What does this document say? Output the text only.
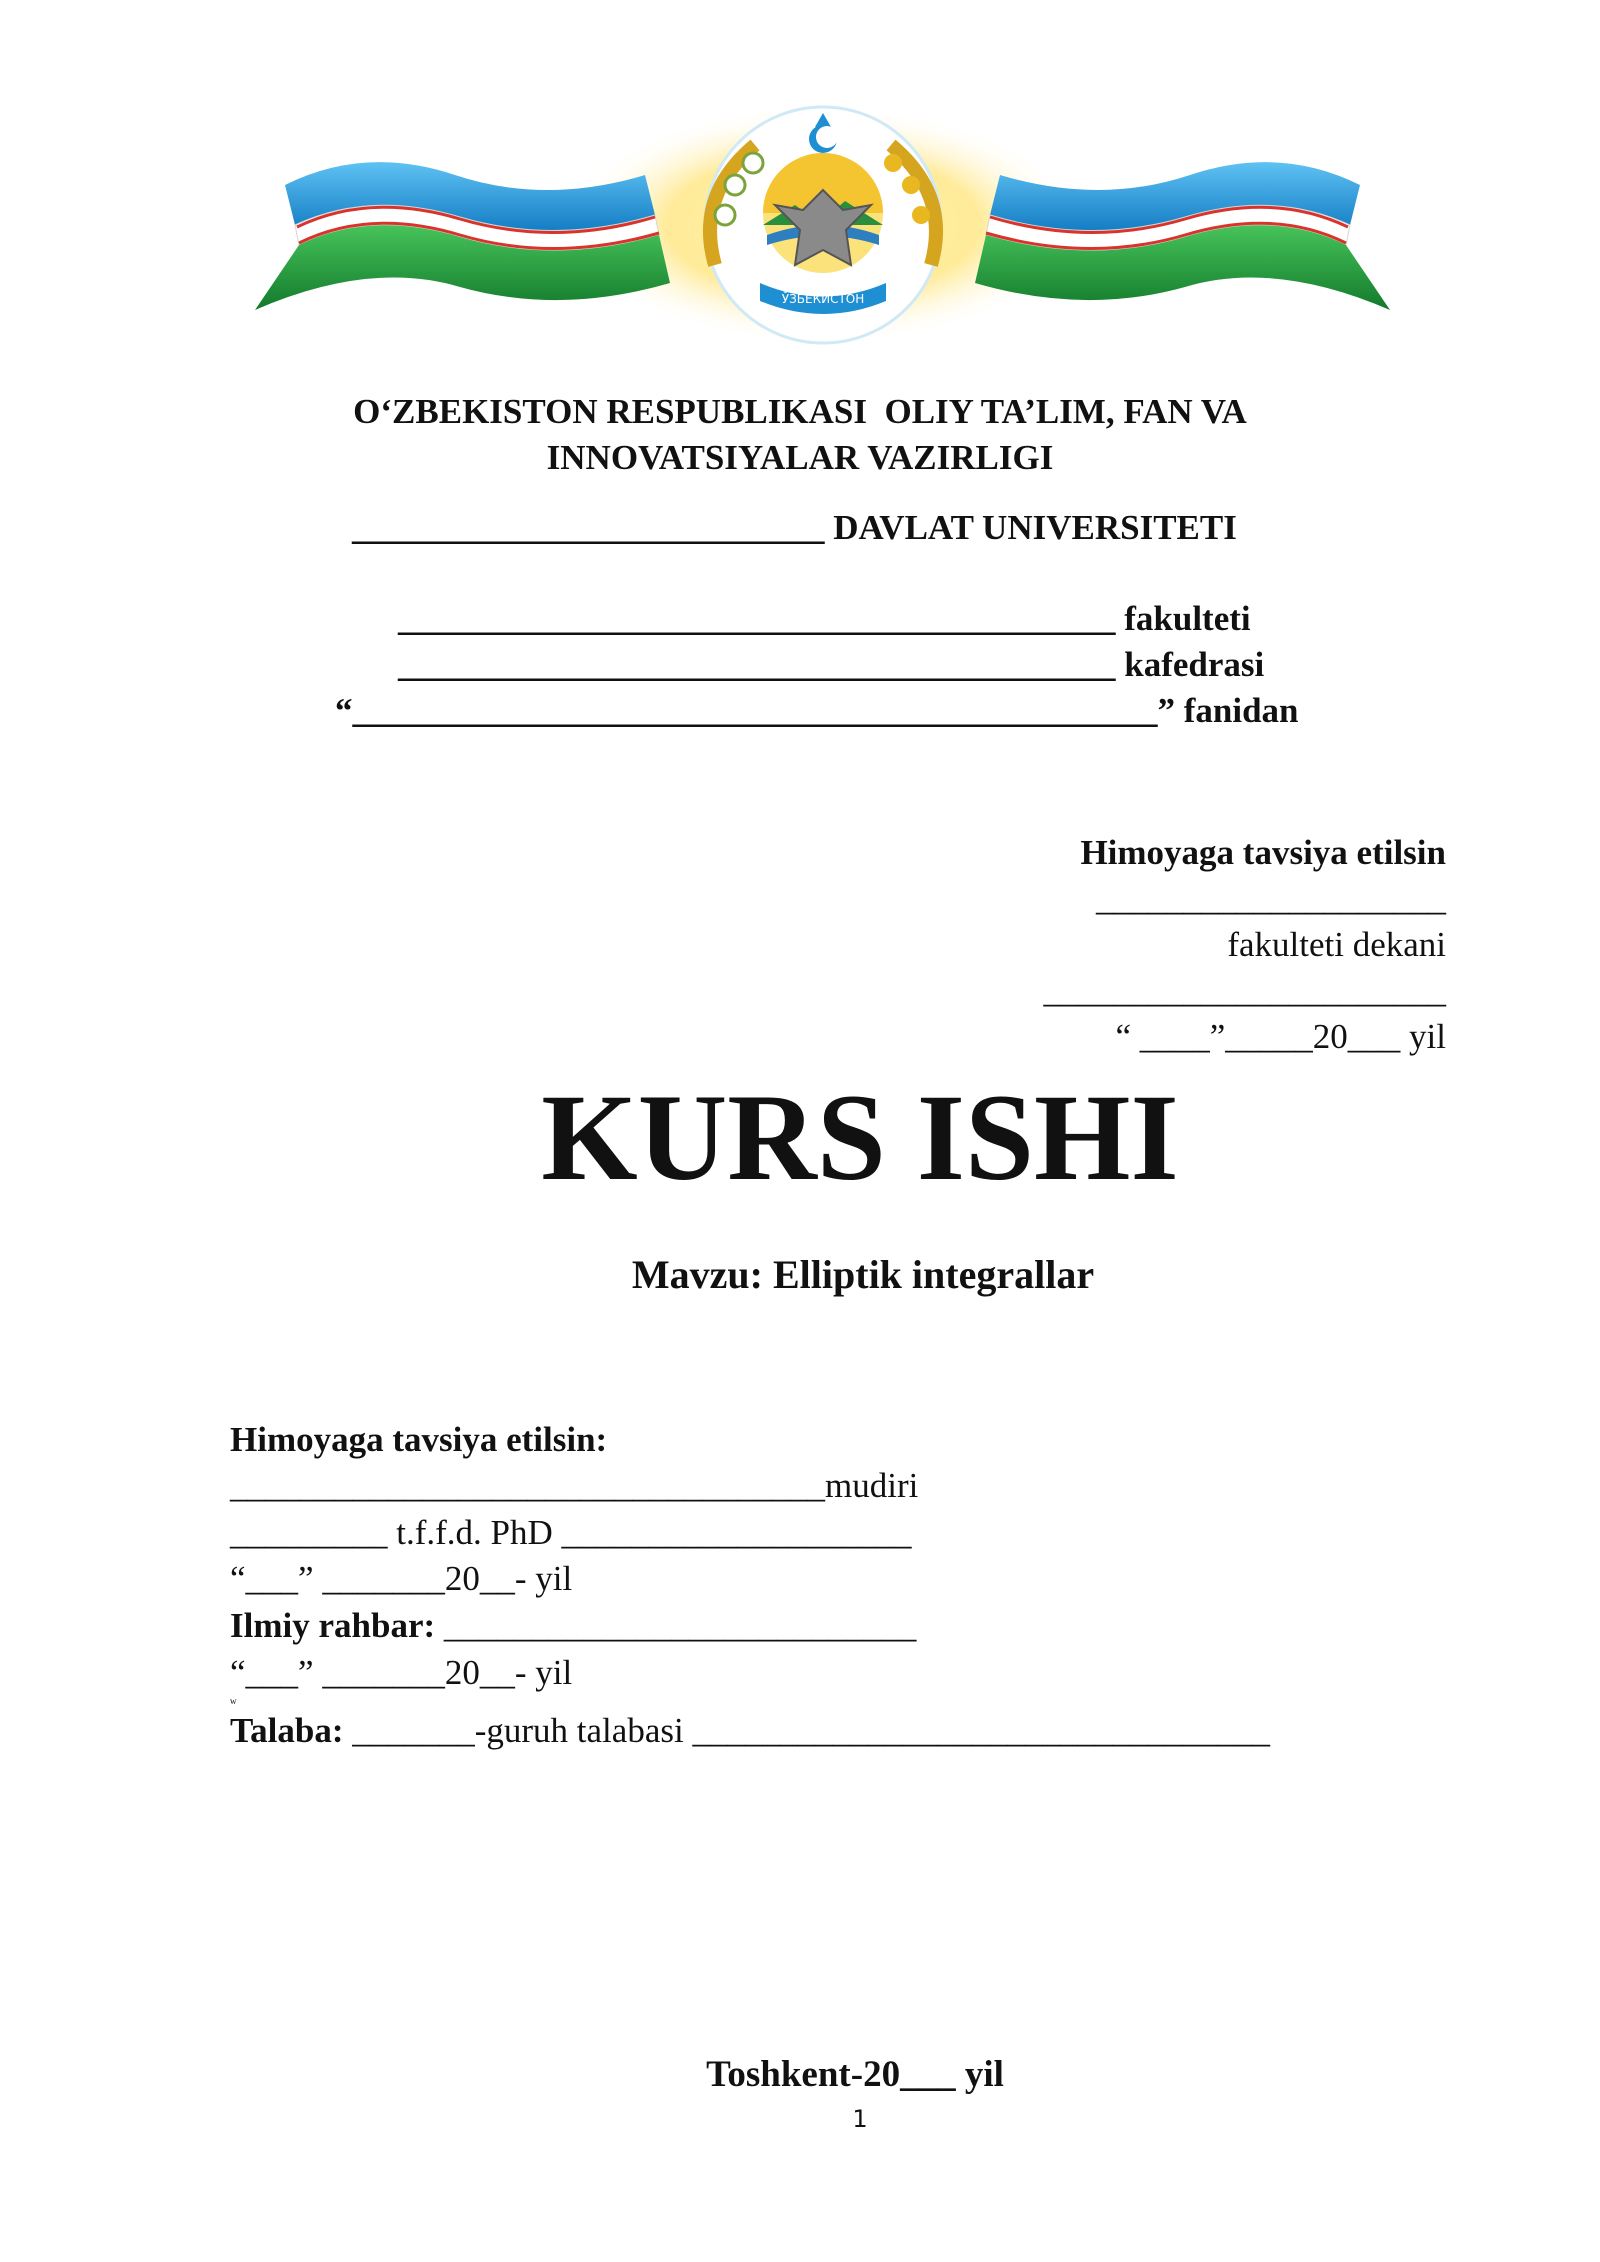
ЎЗБЕКИСТОН
O‘ZBEKISTON RESPUBLIKASI  OLIY TA’LIM, FAN VA
INNOVATSIYALAR VAZIRLIGI
___________________________ DAVLAT UNIVERSITETI
_________________________________________ fakulteti
_________________________________________ kafedrasi
“______________________________________________” fanidan
Himoyaga tavsiya etilsin
____________________
fakulteti dekani
_______________________
“ ____”_____20___ yil
KURS ISHI
Mavzu: Elliptik integrallar
Himoyaga tavsiya etilsin:
__________________________________mudiri
_________ t.f.f.d. PhD ____________________
“___” _______20__- yil
Ilmiy rahbar: ___________________________
“___” _______20__- yil
w
Talaba: _______-guruh talabasi _________________________________
Toshkent-20___ yil
1
